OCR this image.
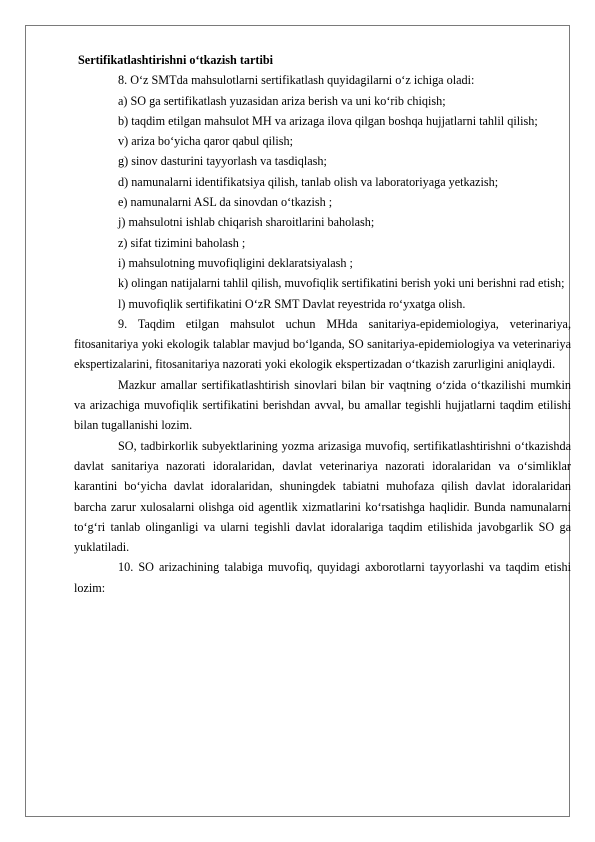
Sertifikatlashtirishni o‘tkazish tartibi

8. O‘z SMTda mahsulotlarni sertifikatlash quyidagilarni o‘z ichiga oladi:

a) SO ga sertifikatlash yuzasidan ariza berish va uni ko‘rib chiqish;

b) taqdim etilgan mahsulot MH va arizaga ilova qilgan boshqa hujjatlarni tahlil qilish;

v) ariza bo‘yicha qaror qabul qilish;

g) sinov dasturini tayyorlash va tasdiqlash;

d) namunalarni identifikatsiya qilish, tanlab olish va laboratoriyaga yetkazish;

e) namunalarni ASL da sinovdan o‘tkazish ;

j) mahsulotni ishlab chiqarish sharoitlarini baholash;

z) sifat tizimini baholash ;

i) mahsulotning muvofiqligini deklaratsiyalash ;

k) olingan natijalarni tahlil qilish, muvofiqlik sertifikatini berish yoki uni berishni rad etish;

l) muvofiqlik sertifikatini O‘zR SMT Davlat reyestrida ro‘yxatga olish.

9. Taqdim etilgan mahsulot uchun MHda sanitariya-epidemiologiya, veterinariya, fitosanitariya yoki ekologik talablar mavjud bo‘lganda, SO sanitariya-epidemiologiya va veterinariya ekspertizalarini, fitosanitariya nazorati yoki ekologik ekspertizadan o‘tkazish zarurligini aniqlaydi.

Mazkur amallar sertifikatlashtirish sinovlari bilan bir vaqtning o‘zida o‘tkazilishi mumkin va arizachiga muvofiqlik sertifikatini berishdan avval, bu amallar tegishli hujjatlarni taqdim etilishi bilan tugallanishi lozim.

SO, tadbirkorlik subyektlarining yozma arizasiga muvofiq, sertifikatlashtirishni o‘tkazishda davlat sanitariya nazorati idoralaridan, davlat veterinariya nazorati idoralaridan va o‘simliklar karantini bo‘yicha davlat idoralaridan, shuningdek tabiatni muhofaza qilish davlat idoralaridan barcha zarur xulosalarni olishga oid agentlik xizmatlarini ko‘rsatishga haqlidir. Bunda namunalarni to‘g‘ri tanlab olinganligi va ularni tegishli davlat idoralariga taqdim etilishida javobgarlik SO ga yuklatiladi.

10. SO arizachining talabiga muvofiq, quyidagi axborotlarni tayyorlashi va taqdim etishi lozim:
